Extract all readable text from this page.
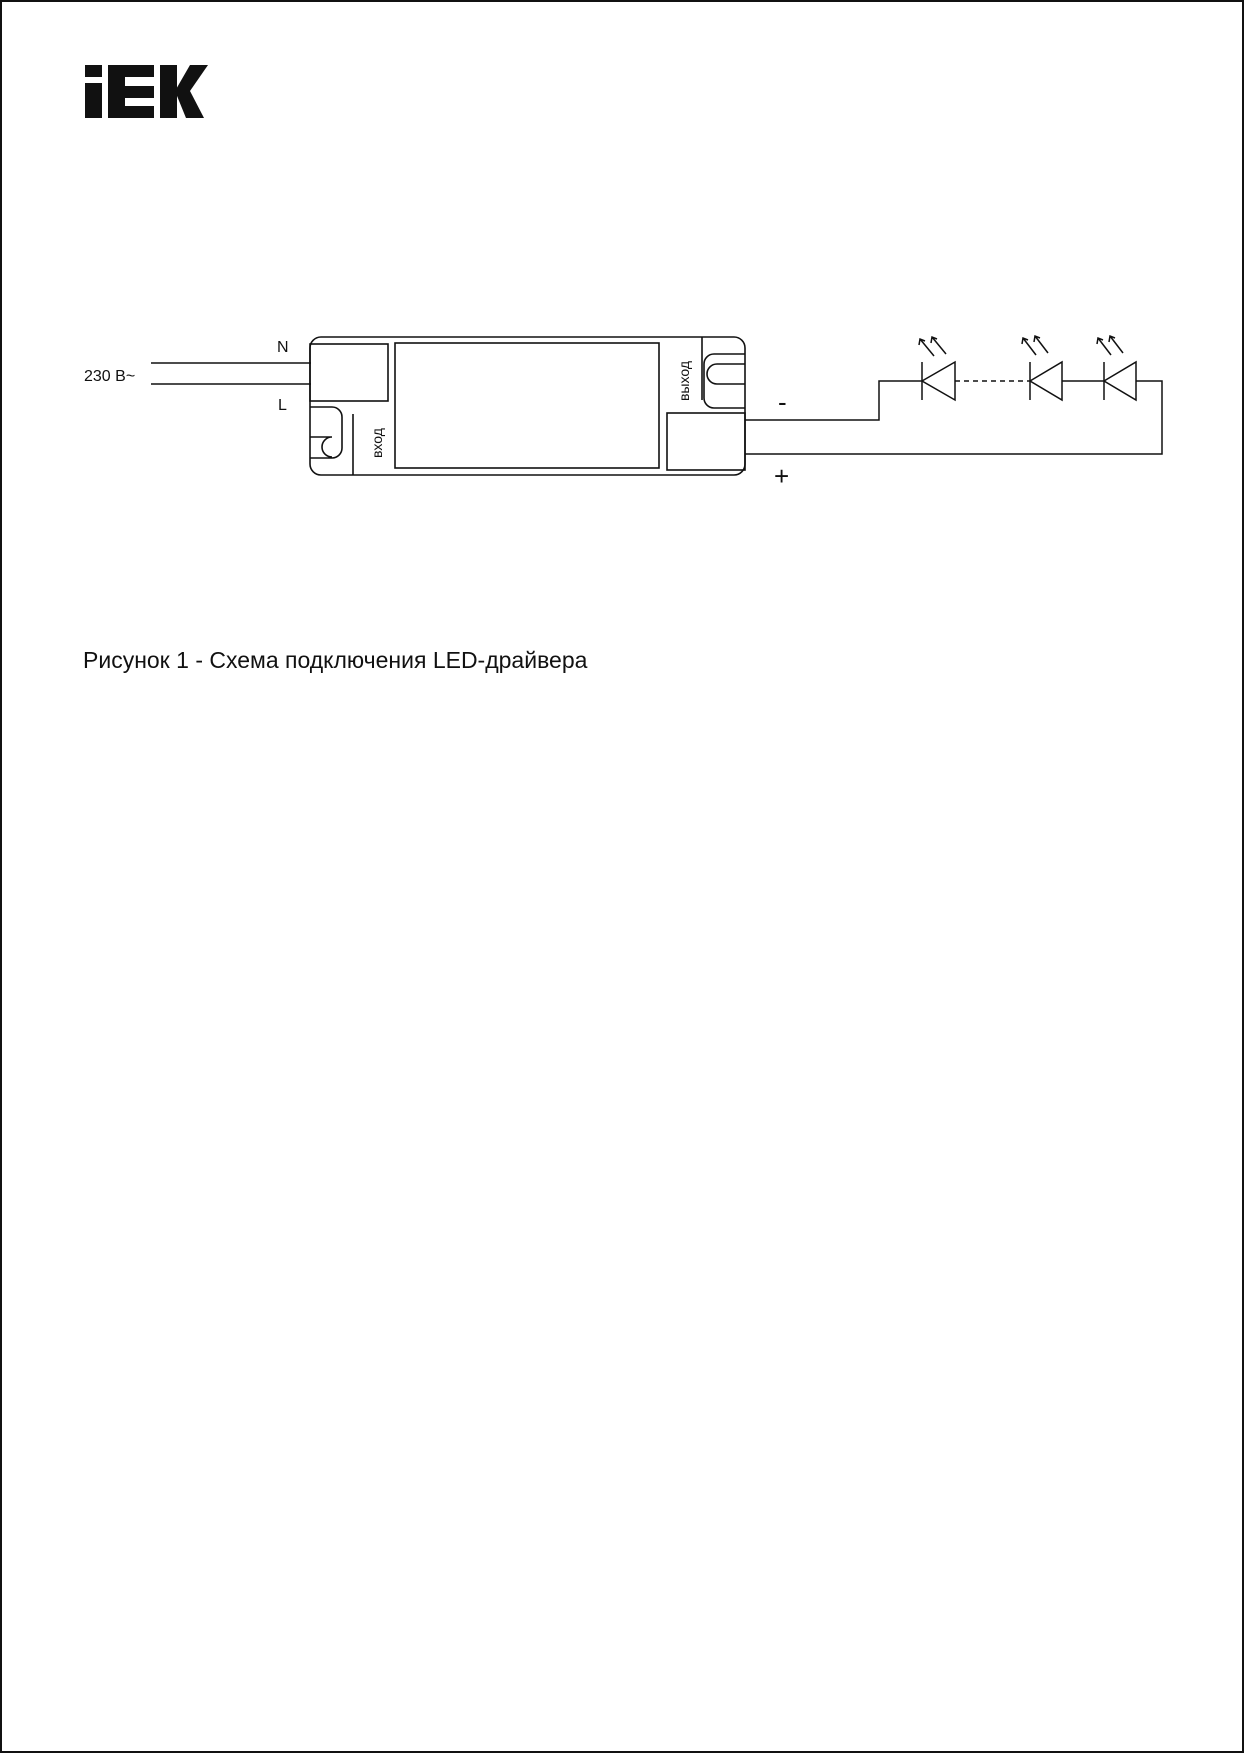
230 В~
N
L
вход
выход
-
+
Рисунок 1 - Схема подключения LED-драйвера
